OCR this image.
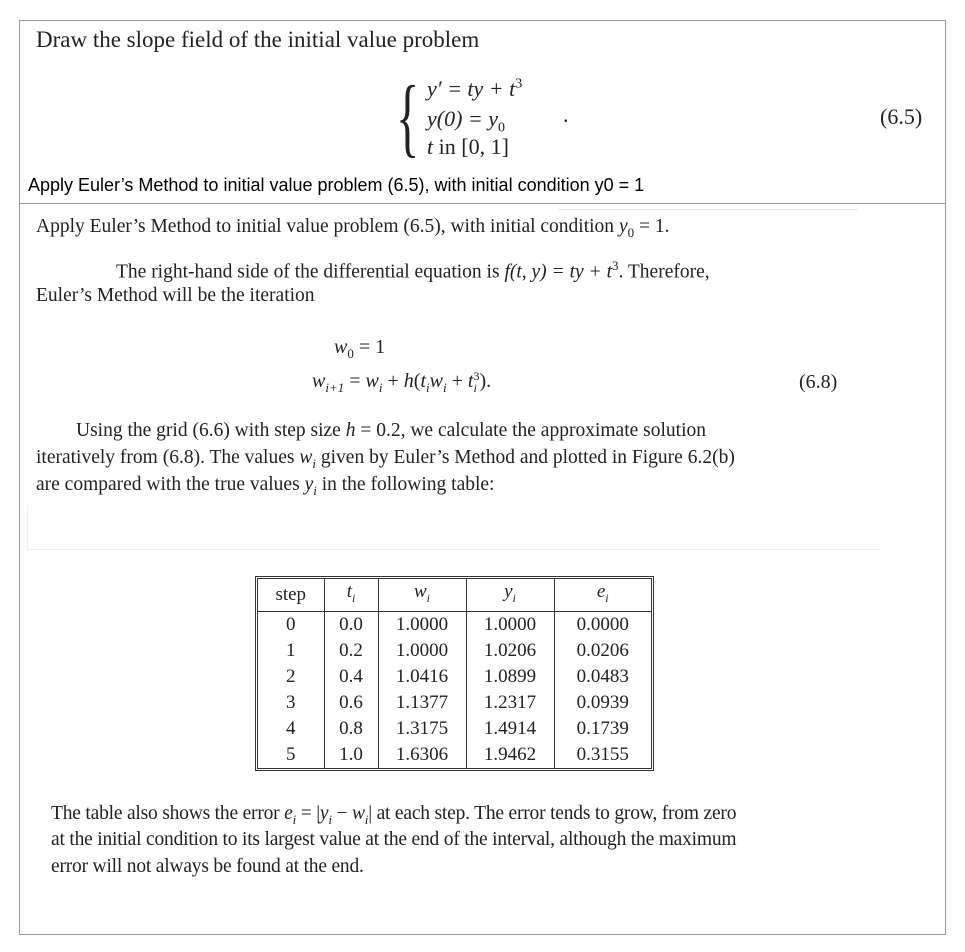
Draw the slope field of the initial value problem
{ y′ = ty + $t^3$
$y(0) = y_0$
t in [0, 1]
.	(6.5)
Apply Euler’s Method to initial value problem (6.5), with initial condition y0 = 1
Apply Euler’s Method to initial value problem (6.5), with initial condition $y_0 = 1$.
The right-hand side of the differential equation is f(t, y) = ty + $t^3$. Therefore,
Euler’s Method will be the iteration
$w_0 = 1$
$w_{i+1} = w_i + h(t_iw_i + t$ 3
i ).	(6.8)
Using the grid (6.6) with step size h = 0.2, we calculate the approximate solution
iteratively from (6.8). The values $w_i$ given by Euler’s Method and plotted in Figure 6.2(b)
are compared with the true values $y_i$ in the following table:
step	$t_i$	$w_i$	$y_i$	$e_i$
0	0.0	1.0000	1.0000	0.0000
1	0.2	1.0000	1.0206	0.0206
2	0.4	1.0416	1.0899	0.0483
3	0.6	1.1377	1.2317	0.0939
4	0.8	1.3175	1.4914	0.1739
5	1.0	1.6306	1.9462	0.3155
The table also shows the error $e_i = |y_i - w_i|$ at each step. The error tends to grow, from zero
at the initial condition to its largest value at the end of the interval, although the maximum
error will not always be found at the end.
